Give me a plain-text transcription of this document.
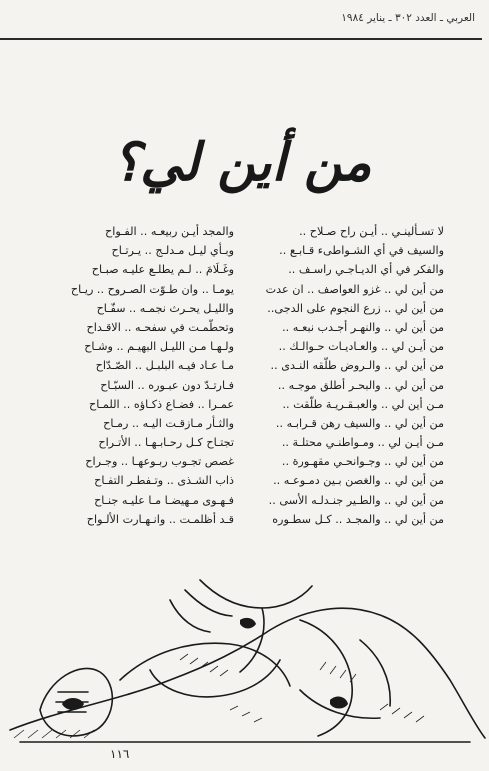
العربي ـ العدد ٣٠٢ ـ يناير ١٩٨٤
من أين لي؟
لا تسـألينـي .. أيـن راح صـلاح ..
والمجد أيـن ربيعـه .. الفـواح
والسيف في أي الشـواطىء قـابـع ..
وبـأي ليـل مـدلـج .. يـرتـاح
والفكر في أي الديـاجـي راسـف ..
وغَـلَامَ .. لـم يطلـع عليـه صبـاح
من أين لي .. غزو العواصف .. ان عدت
يومـا .. وان طـوّت الصـروح .. ريـاح
من أين لي .. زرع النجوم على الدجى..
والليـل يحـرث نجمـه .. سفّـاح
من أين لي .. والنهـر أجـدب نبعـه ..
وتحطّمـت في سفحـه .. الاقـداح
من أيـن لي .. والعـاديـات حـوالـك ..
ولـهـا مـن الليـل البهيـم .. وشـاح
من أين لي .. والـروض طلّقه النـدى ..
مـا عـاد فيـه البلبـل .. الصّـدّاح
من أين لي .. والبحـر أطلق موجـه ..
فـارتـدّ دون عبـوره .. السبّـاح
مـن أين لي .. والعبـقـريـة طلّقت ..
عمـرا .. فضـاع ذكـاؤه .. اللمـاح
من أين لي .. والسيف رهن قـرابـه ..
والثـأر مـازقـت اليـه .. رمـاح
مـن أيـن لي .. ومـواطنـي محتلـة ..
تجتـاح كـل رحـابـهـا .. الأتـراح
من أين لي .. وجـوانحـي مقهـورة ..
غصص تجـوب ربـوعهـا .. وجـراح
من أين لي .. والغصن بـين دمـوعـه ..
ذاب الشـذى .. وتـفطـر التفـاح
من أين لي .. والطـير جنـدلـه الأسى ..
فـهـوى مـهيضـا مـا عليـه جنـاح
من أين لي .. والمجـد .. كـل سطـوره
قـد أظلمـت .. وانـهـارت الألـواح
١١٦
